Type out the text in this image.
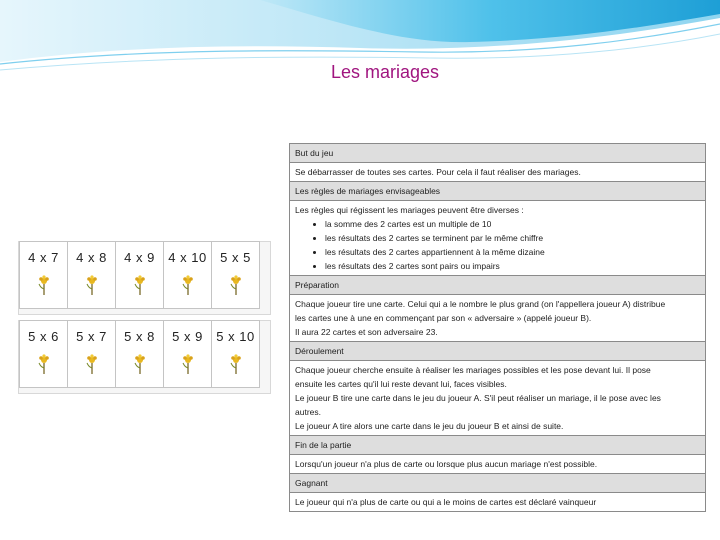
Les mariages
4 x 7	4 x 8	4 x 9	4 x 10	5 x 5
5 x 6	5 x 7	5 x 8	5 x 9	5 x 10
But du jeu
Se débarrasser de toutes ses cartes. Pour cela il faut réaliser des mariages.
Les règles de mariages envisageables

Les règles qui régissent les mariages peuvent être diverses :

• la somme des 2 cartes est un multiple de 10
• les résultats des 2 cartes se terminent par le même chiffre
• les résultats des 2 cartes appartiennent à la même dizaine
• les résultats des 2 cartes sont pairs ou impairs

Préparation

Chaque joueur tire une carte. Celui qui a le nombre le plus grand (on l'appellera joueur A) distribue

les cartes une à une en commençant par son « adversaire » (appelé joueur B).

Il aura 22 cartes et son adversaire 23.

Déroulement

Chaque joueur cherche ensuite à réaliser les mariages possibles et les pose devant lui. Il pose

ensuite les cartes qu'il lui reste devant lui, faces visibles.

Le joueur B tire une carte dans le jeu du joueur A. S'il peut réaliser un mariage, il le pose avec les

autres.

Le joueur A tire alors une carte dans le jeu du joueur B et ainsi de suite.

Fin de la partie
Lorsqu'un joueur n'a plus de carte ou lorsque plus aucun mariage n'est possible.
Gagnant
Le joueur qui n'a plus de carte ou qui a le moins de cartes est déclaré vainqueur
